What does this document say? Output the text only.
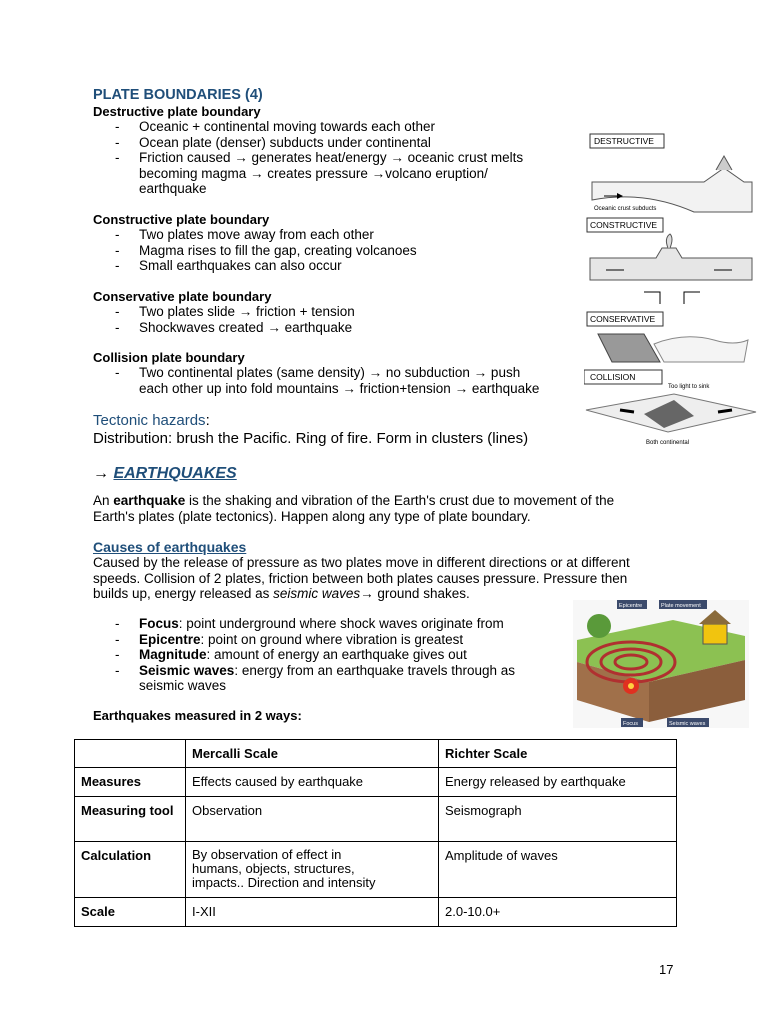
PLATE BOUNDARIES (4)
Destructive plate boundary
- Oceanic + continental moving towards each other
- Ocean plate (denser) subducts under continental
- Friction caused → generates heat/energy → oceanic crust melts
becoming magma → creates pressure →volcano eruption/
earthquake
Constructive plate boundary
- Two plates move away from each other
- Magma rises to fill the gap, creating volcanoes
- Small earthquakes can also occur
Conservative plate boundary
- Two plates slide → friction + tension
- Shockwaves created → earthquake
Collision plate boundary
- Two continental plates (same density) → no subduction → push
each other up into fold mountains → friction+tension → earthquake
Tectonic hazards:
Distribution: brush the Pacific. Ring of fire. Form in clusters (lines)
→ EARTHQUAKES
An earthquake is the shaking and vibration of the Earth's crust due to movement of the
Earth's plates (plate tectonics). Happen along any type of plate boundary.
Causes of earthquakes
Caused by the release of pressure as two plates move in different directions or at different
speeds. Collision of 2 plates, friction between both plates causes pressure. Pressure then
builds up, energy released as seismic waves→ ground shakes.
- Focus: point underground where shock waves originate from
- Epicentre: point on ground where vibration is greatest
- Magnitude: amount of energy an earthquake gives out
- Seismic waves: energy from an earthquake travels through as
seismic waves
Earthquakes measured in 2 ways:
	Mercalli Scale	Richter Scale
Measures	Effects caused by earthquake	Energy released by earthquake
Measuring tool	Observation	Seismograph
Calculation	By observation of effect in humans, objects, structures, impacts.. Direction and intensity	Amplitude of waves
Scale	I-XII	2.0-10.0+
17
DESTRUCTIVE
Oceanic crust subducts
CONSTRUCTIVE
CONSERVATIVE
COLLISION
Too light to sink
Both continental
Epicentre	Plate movement
Focus	Seismic waves
